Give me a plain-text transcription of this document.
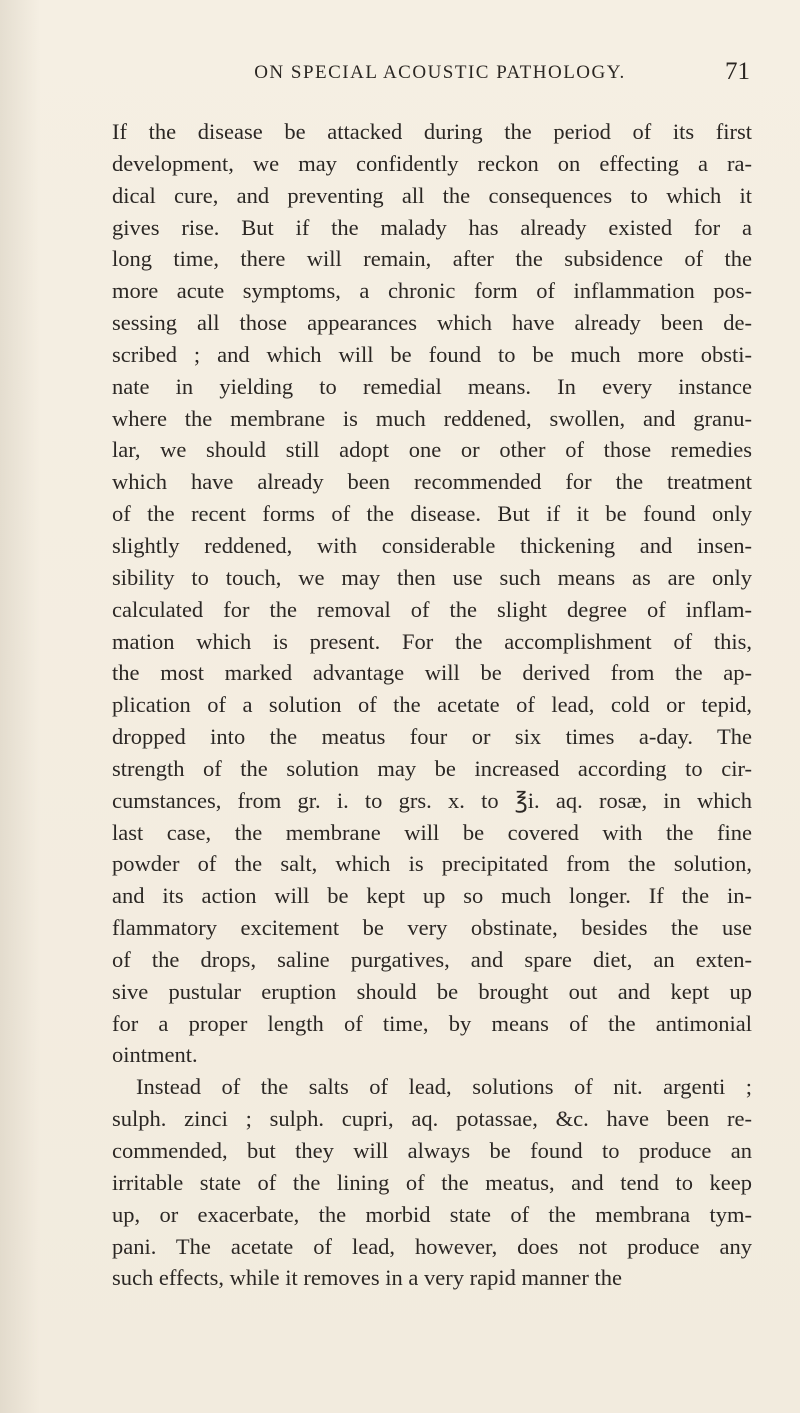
ON SPECIAL ACOUSTIC PATHOLOGY.	71
If the disease be attacked during the period of its first
development, we may confidently reckon on effecting a ra-
dical cure, and preventing all the consequences to which it
gives rise. But if the malady has already existed for a
long time, there will remain, after the subsidence of the
more acute symptoms, a chronic form of inflammation pos-
sessing all those appearances which have already been de-
scribed ; and which will be found to be much more obsti-
nate in yielding to remedial means. In every instance
where the membrane is much reddened, swollen, and granu-
lar, we should still adopt one or other of those remedies
which have already been recommended for the treatment
of the recent forms of the disease. But if it be found only
slightly reddened, with considerable thickening and insen-
sibility to touch, we may then use such means as are only
calculated for the removal of the slight degree of inflam-
mation which is present. For the accomplishment of this,
the most marked advantage will be derived from the ap-
plication of a solution of the acetate of lead, cold or tepid,
dropped into the meatus four or six times a-day. The
strength of the solution may be increased according to cir-
cumstances, from gr. i. to grs. x. to ℥i. aq. rosæ, in which
last case, the membrane will be covered with the fine
powder of the salt, which is precipitated from the solution,
and its action will be kept up so much longer. If the in-
flammatory excitement be very obstinate, besides the use
of the drops, saline purgatives, and spare diet, an exten-
sive pustular eruption should be brought out and kept up
for a proper length of time, by means of the antimonial
ointment.
Instead of the salts of lead, solutions of nit. argenti ;
sulph. zinci ; sulph. cupri, aq. potassae, &c. have been re-
commended, but they will always be found to produce an
irritable state of the lining of the meatus, and tend to keep
up, or exacerbate, the morbid state of the membrana tym-
pani. The acetate of lead, however, does not produce any
such effects, while it removes in a very rapid manner the
